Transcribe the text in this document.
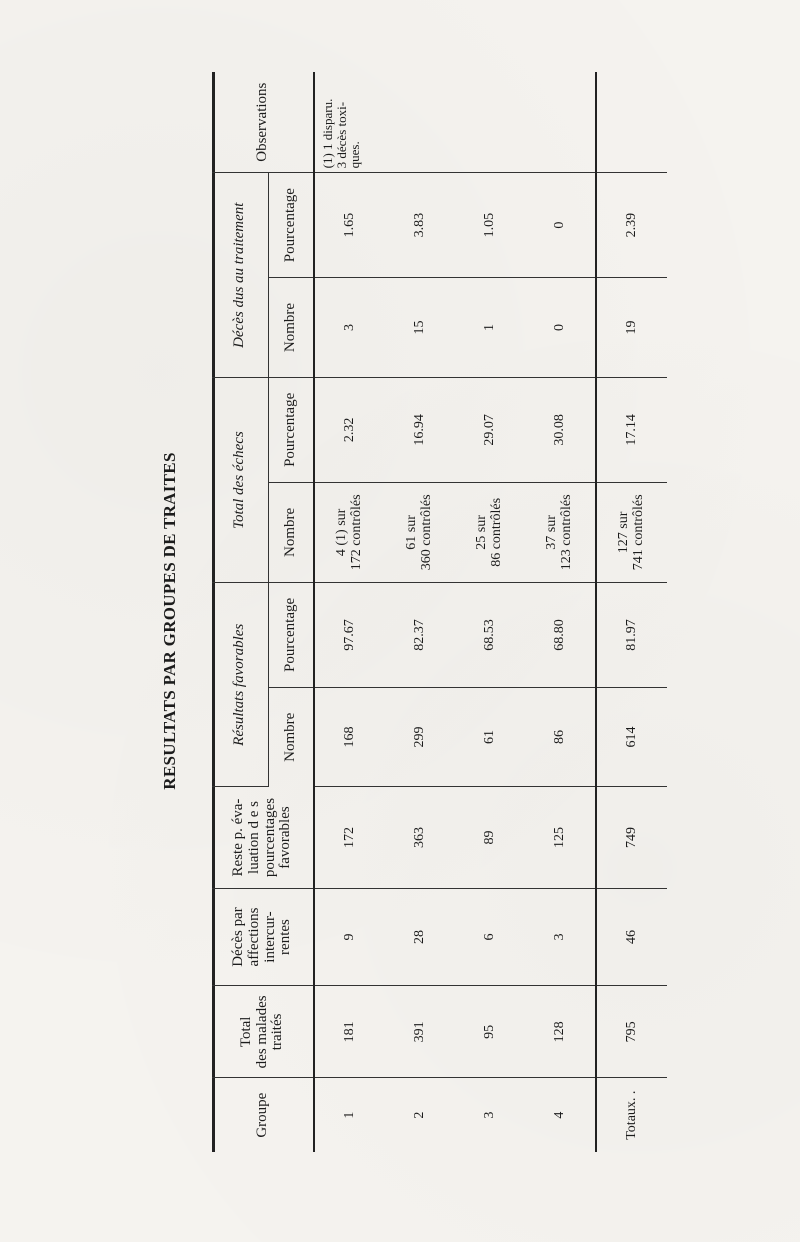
RESULTATS PAR GROUPES DE TRAITES
Groupe	Total des malades traités	Décès par affections intercur- rentes	Reste p. éva- luation d e s pourcentages favorables	Résultats favorables		Total des échecs		Décès dus au traitement		Observations
				Nombre	Pourcentage	Nombre	Pourcentage	Nombre	Pourcentage	
1	181	9	172	168	97.67	4 (1) sur 172 contrôlés	2.32	3	1.65	(1) 1 disparu.
3 décès toxi-
ques.

2	391	28	363	299	82.37	61 sur 360 contrôlés	16.94	15	3.83	
3	95	6	89	61	68.53	25 sur 86 contrôlés	29.07	1	1.05	
4	128	3	125	86	68.80	37 sur 123 contrôlés	30.08	0	0	
Totaux. .	795	46	749	614	81.97	127 sur 741 contrôlés	17.14	19	2.39	
